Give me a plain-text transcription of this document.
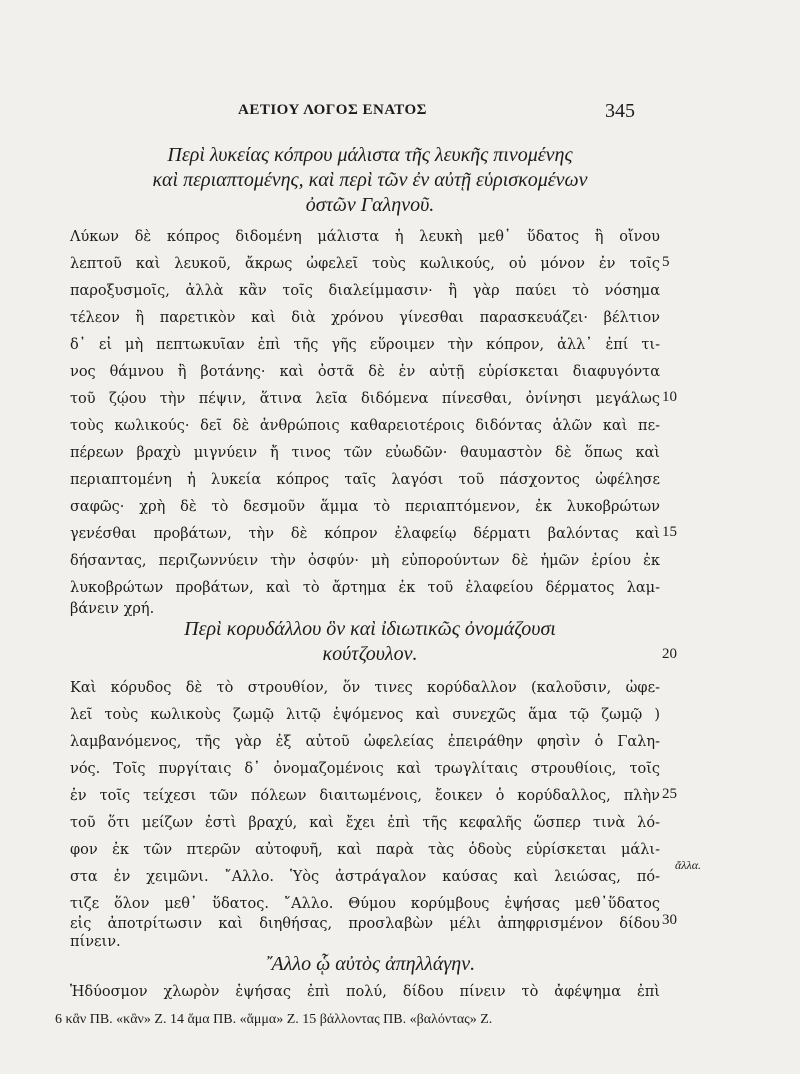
ΑΕΤΙΟΥ ΛΟΓΟΣ ΕΝΑΤΟΣ	345
Περὶ λυκείας κόπρου μάλιστα τῆς λευκῆς πινομένης
καὶ περιαπτομένης, καὶ περὶ τῶν ἐν αὐτῇ εὑρισκομένων
ὀστῶν Γαληνοῦ.
Λύκων δὲ κόπρος διδομένη μάλιστα ἡ λευκὴ μεθ᾽ ὕδατος ἢ οἴνου
λεπτοῦ καὶ λευκοῦ, ἄκρως ὠφελεῖ τοὺς κωλικούς, οὐ μόνον ἐν τοῖς
παροξυσμοῖς, ἀλλὰ κἂν τοῖς διαλείμμασιν· ἢ γὰρ παύει τὸ νόσημα
τέλεον ἢ παρετικὸν καὶ διὰ χρόνου γίνεσθαι παρασκευάζει· βέλτιον
δ᾽ εἰ μὴ πεπτωκυῖαν ἐπὶ τῆς γῆς εὕροιμεν τὴν κόπρον, ἀλλ᾽ ἐπί τι-
νος θάμνου ἢ βοτάνης· καὶ ὀστᾶ δὲ ἐν αὐτῇ εὑρίσκεται διαφυγόντα
τοῦ ζῴου τὴν πέψιν, ἅτινα λεῖα διδόμενα πίνεσθαι, ὀνίνησι μεγάλως
τοὺς κωλικούς· δεῖ δὲ ἀνθρώποις καθαρειοτέροις διδόντας ἁλῶν καὶ πε-
πέρεων βραχὺ μιγνύειν ἤ τινος τῶν εὐωδῶν· θαυμαστὸν δὲ ὅπως καὶ
περιαπτομένη ἡ λυκεία κόπρος ταῖς λαγόσι τοῦ πάσχοντος ὠφέλησε
σαφῶς· χρὴ δὲ τὸ δεσμοῦν ἅμμα τὸ περιαπτόμενον, ἐκ λυκοβρώτων
γενέσθαι προβάτων, τὴν δὲ κόπρον ἐλαφείῳ δέρματι βαλόντας καὶ
δήσαντας, περιζωννύειν τὴν ὀσφύν· μὴ εὐπορούντων δὲ ἡμῶν ἐρίου ἐκ
λυκοβρώτων προβάτων, καὶ τὸ ἄρτημα ἐκ τοῦ ἐλαφείου δέρματος λαμ-
βάνειν χρή.
Περὶ κορυδάλλου ὃν καὶ ἰδιωτικῶς ὀνομάζουσι
κούτζουλον.
Καὶ κόρυδος δὲ τὸ στρουθίον, ὅν τινες κορύδαλλον (καλοῦσιν, ὠφε-
λεῖ τοὺς κωλικοὺς ζωμῷ λιτῷ ἑψόμενος καὶ συνεχῶς ἅμα τῷ ζωμῷ )
λαμβανόμενος, τῆς γὰρ ἐξ αὐτοῦ ὠφελείας ἐπειράθην φησὶν ὁ Γαλη-
νός. Τοῖς πυργίταις δ᾽ ὀνομαζομένοις καὶ τρωγλίταις στρουθίοις, τοῖς
ἐν τοῖς τείχεσι τῶν πόλεων διαιτωμένοις, ἔοικεν ὁ κορύδαλλος, πλὴν
τοῦ ὅτι μείζων ἐστὶ βραχύ, καὶ ἔχει ἐπὶ τῆς κεφαλῆς ὥσπερ τινὰ λό-
φον ἐκ τῶν πτερῶν αὐτοφυῆ, καὶ παρὰ τὰς ὁδοὺς εὑρίσκεται μάλι-
στα ἐν χειμῶνι. ῎Αλλο. Ὑὸς ἀστράγαλον καύσας καὶ λειώσας, πό-
τιζε ὅλον μεθ᾽ ὕδατος. ῎Αλλο. Θύμου κορύμβους ἑψήσας μεθ᾽ὕδατος
εἰς ἀποτρίτωσιν καὶ διηθήσας, προσλαβὼν μέλι ἀπηφρισμένον δίδου
πίνειν.
῎Αλλο ᾧ αὐτὸς ἀπηλλάγην.
Ἡδύοσμον χλωρὸν ἑψήσας ἐπὶ πολύ, δίδου πίνειν τὸ ἀφέψημα ἐπὶ
5
10
15
20
25
30
ἄλλα.
6 κἂν ΠΒ. «κἂν» Ζ. 14 ἅμα ΠΒ. «ἅμμα» Ζ. 15 βάλλοντας ΠΒ. «βαλόντας» Ζ.
